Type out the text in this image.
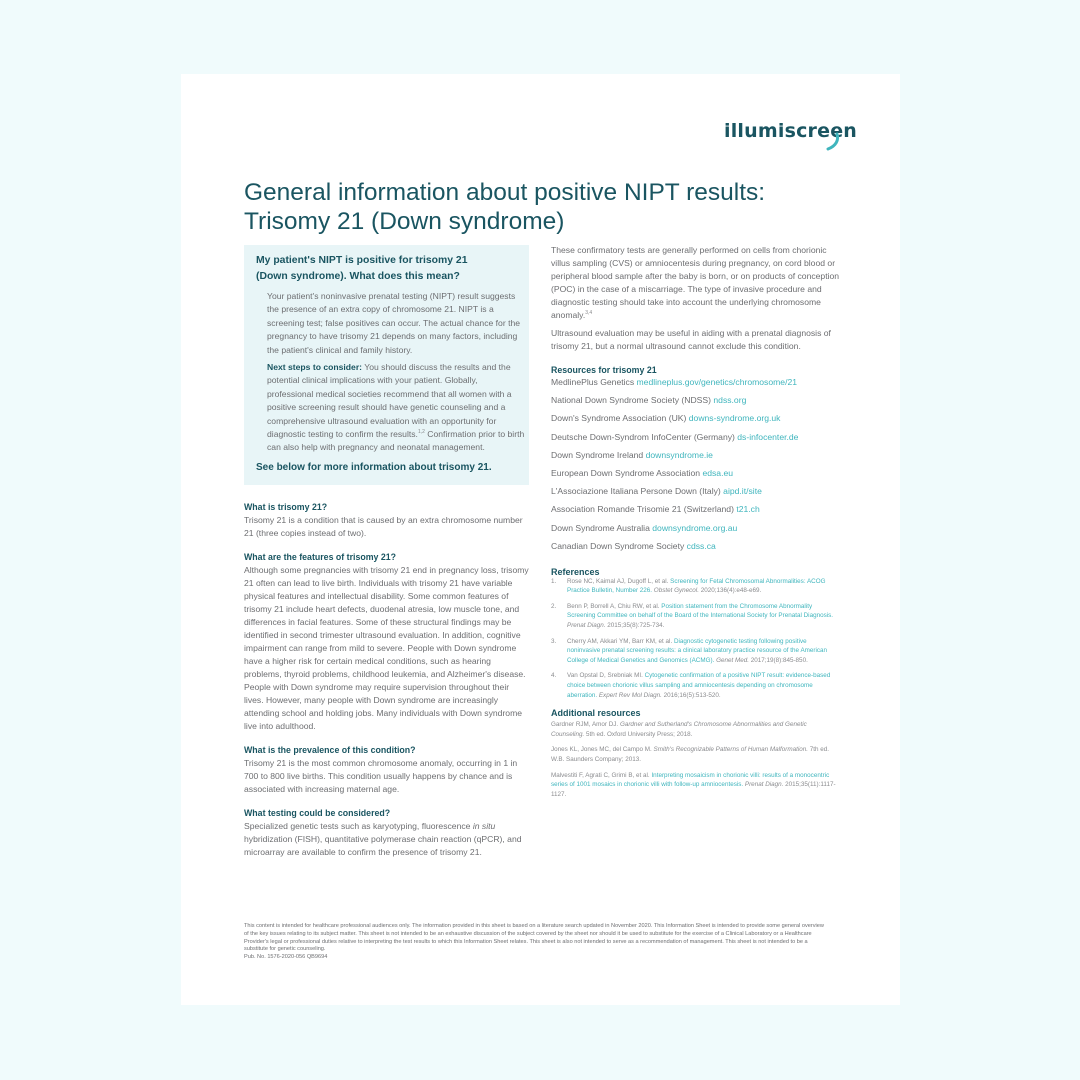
illumiscreen
General information about positive NIPT results:
Trisomy 21 (Down syndrome)
My patient's NIPT is positive for trisomy 21
(Down syndrome). What does this mean?

Your patient's noninvasive prenatal testing (NIPT) result suggests the presence of an extra copy of chromosome 21. NIPT is a screening test; false positives can occur. The actual chance for the pregnancy to have trisomy 21 depends on many factors, including the patient's clinical and family history.

Next steps to consider: You should discuss the results and the potential clinical implications with your patient. Globally, professional medical societies recommend that all women with a positive screening result should have genetic counseling and a comprehensive ultrasound evaluation with an opportunity for diagnostic testing to confirm the results.$^{1,2}$ Confirmation prior to birth can also help with pregnancy and neonatal management.

See below for more information about trisomy 21.
What is trisomy 21?

Trisomy 21 is a condition that is caused by an extra chromosome number 21 (three copies instead of two).

What are the features of trisomy 21?

Although some pregnancies with trisomy 21 end in pregnancy loss, trisomy 21 often can lead to live birth. Individuals with trisomy 21 have variable physical features and intellectual disability. Some common features of trisomy 21 include heart defects, duodenal atresia, low muscle tone, and differences in facial features. Some of these structural findings may be identified in second trimester ultrasound evaluation. In addition, cognitive impairment can range from mild to severe. People with Down syndrome have a higher risk for certain medical conditions, such as hearing problems, thyroid problems, childhood leukemia, and Alzheimer's disease. People with Down syndrome may require supervision throughout their lives. However, many people with Down syndrome are increasingly attending school and holding jobs. Many individuals with Down syndrome live into adulthood.

What is the prevalence of this condition?

Trisomy 21 is the most common chromosome anomaly, occurring in 1 in 700 to 800 live births. This condition usually happens by chance and is associated with increasing maternal age.

What testing could be considered?

Specialized genetic tests such as karyotyping, fluorescence in situ hybridization (FISH), quantitative polymerase chain reaction (qPCR), and microarray are available to confirm the presence of trisomy 21.

These confirmatory tests are generally performed on cells from chorionic villus sampling (CVS) or amniocentesis during pregnancy, on cord blood or peripheral blood sample after the baby is born, or on products of conception (POC) in the case of a miscarriage. The type of invasive procedure and diagnostic testing should take into account the underlying chromosome anomaly.$^{3,4}$

Ultrasound evaluation may be useful in aiding with a prenatal diagnosis of trisomy 21, but a normal ultrasound cannot exclude this condition.

Resources for trisomy 21
MedlinePlus Genetics medlineplus.gov/genetics/chromosome/21
National Down Syndrome Society (NDSS) ndss.org
Down's Syndrome Association (UK) downs-syndrome.org.uk
Deutsche Down-Syndrom InfoCenter (Germany) ds-infocenter.de
Down Syndrome Ireland downsyndrome.ie
European Down Syndrome Association edsa.eu
L'Associazione Italiana Persone Down (Italy) aipd.it/site
Association Romande Trisomie 21 (Switzerland) t21.ch
Down Syndrome Australia downsyndrome.org.au
Canadian Down Syndrome Society cdss.ca
References
1.	Rose NC, Kaimal AJ, Dugoff L, et al. Screening for Fetal Chromosomal Abnormalities: ACOG Practice Bulletin, Number 226. Obstet Gynecol. 2020;136(4):e48-e69.
2.	Benn P, Borrell A, Chiu RW, et al. Position statement from the Chromosome Abnormality Screening Committee on behalf of the Board of the International Society for Prenatal Diagnosis. Prenat Diagn. 2015;35(8):725-734.
3.	Cherry AM, Akkari YM, Barr KM, et al. Diagnostic cytogenetic testing following positive noninvasive prenatal screening results: a clinical laboratory practice resource of the American College of Medical Genetics and Genomics (ACMG). Genet Med. 2017;19(8):845-850.
4.	Van Opstal D, Srebniak MI. Cytogenetic confirmation of a positive NIPT result: evidence-based choice between chorionic villus sampling and amniocentesis depending on chromosome aberration. Expert Rev Mol Diagn. 2016;16(5):513-520.
Additional resources
Gardner RJM, Amor DJ. Gardner and Sutherland's Chromosome Abnormalities and Genetic Counseling. 5th ed. Oxford University Press; 2018.
Jones KL, Jones MC, del Campo M. Smith's Recognizable Patterns of Human Malformation. 7th ed. W.B. Saunders Company; 2013.
Malvestiti F, Agrati C, Grimi B, et al. Interpreting mosaicism in chorionic villi: results of a monocentric series of 1001 mosaics in chorionic villi with follow-up amniocentesis. Prenat Diagn. 2015;35(11):1117-1127.
This content is intended for healthcare professional audiences only. The information provided in this sheet is based on a literature search updated in November 2020. This Information Sheet is intended to provide some general overview of the key issues relating to its subject matter. This sheet is not intended to be an exhaustive discussion of the subject covered by the sheet nor should it be used to substitute for the exercise of a Clinical Laboratory or a Healthcare Provider's legal or professional duties relative to interpreting the test results to which this Information Sheet relates. This sheet is also not intended to serve as a recommendation of management. This sheet is not intended to be a substitute for genetic counseling.
Pub. No. 1576-2020-056 QB9694
